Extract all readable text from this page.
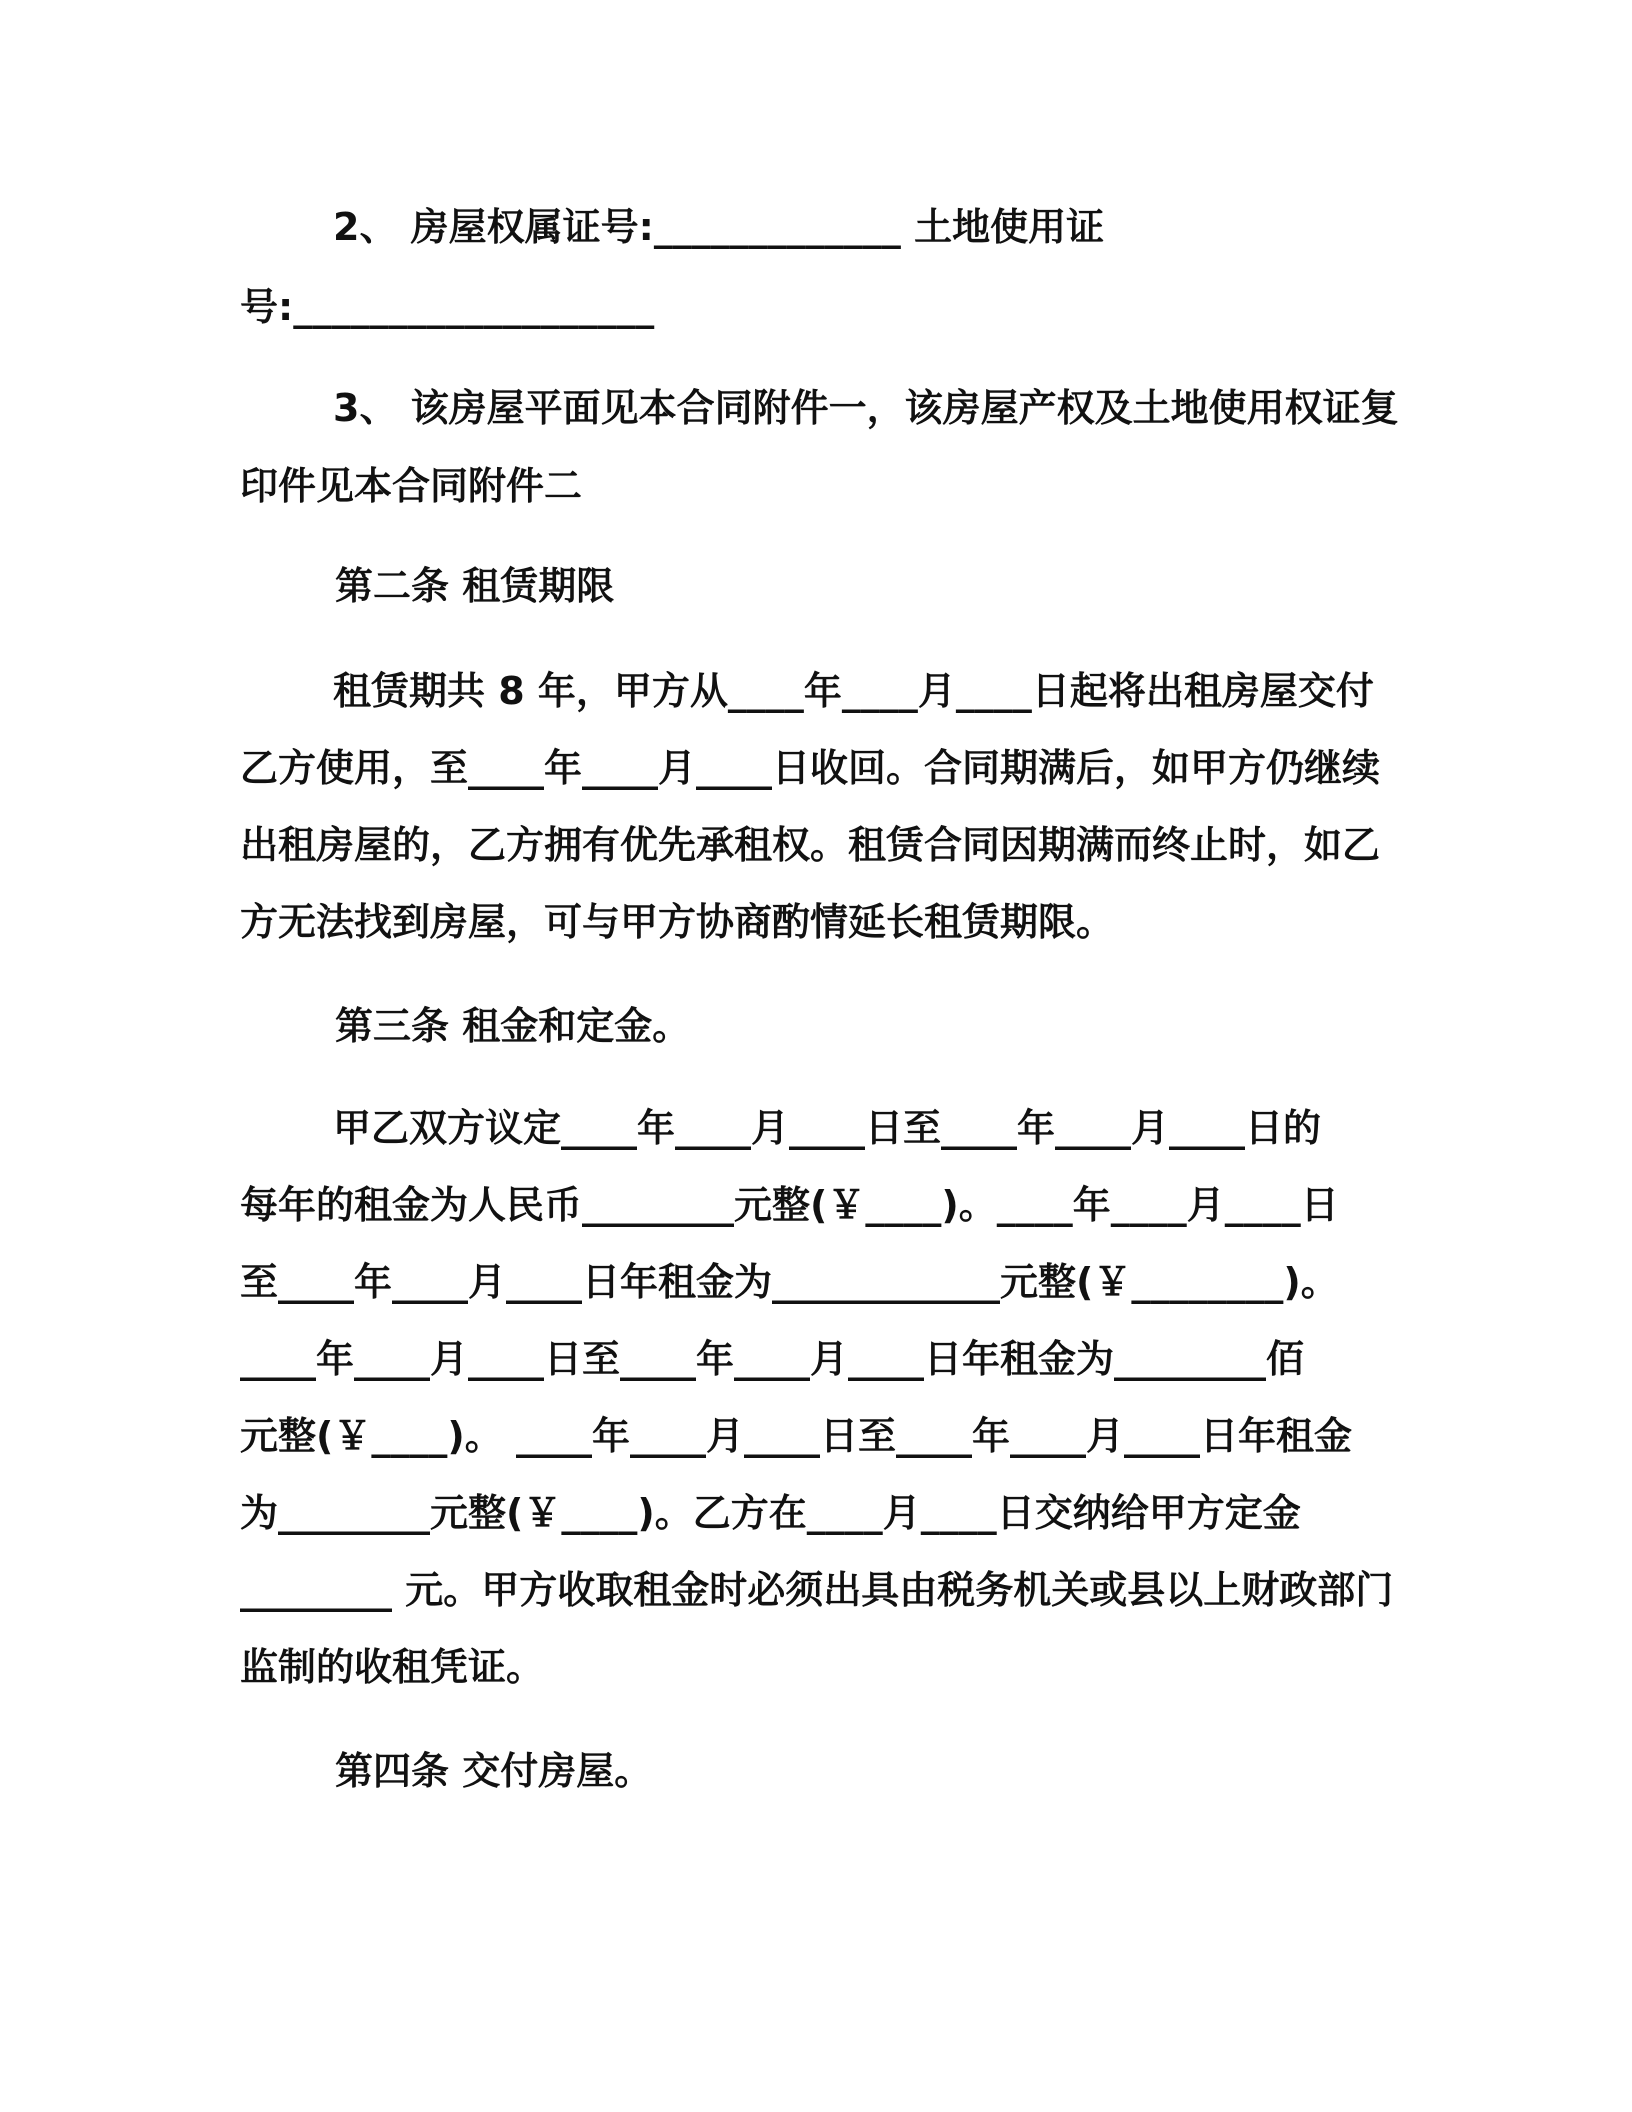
2、 房屋权属证号:_____________ 土地使用证
号:___________________
3、 该房屋平面见本合同附件一，该房屋产权及土地使用权证复
印件见本合同附件二
第二条 租赁期限
租赁期共 8 年，甲方从____年____月____日起将出租房屋交付
乙方使用，至____年____月____日收回。合同期满后，如甲方仍继续
出租房屋的，乙方拥有优先承租权。租赁合同因期满而终止时，如乙
方无法找到房屋，可与甲方协商酌情延长租赁期限。
第三条 租金和定金。
甲乙双方议定____年____月____日至____年____月____日的
每年的租金为人民币________元整(￥____)。____年____月____日
至____年____月____日年租金为____________元整(￥________)。
____年____月____日至____年____月____日年租金为________佰
元整(￥____)。 ____年____月____日至____年____月____日年租金
为________元整(￥____)。乙方在____月____日交纳给甲方定金
________ 元。甲方收取租金时必须出具由税务机关或县以上财政部门
监制的收租凭证。
第四条 交付房屋。
